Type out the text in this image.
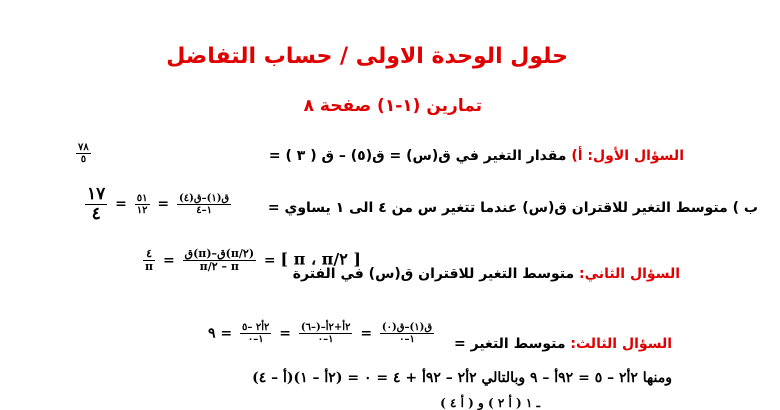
حلول الوحدة الاولى / حساب التفاضل
تمارين (١-١) صفحة ٨
السؤال الأول: أ) مقدار التغير في ق(س) = ق(٥) – ق ( ٣ ) =
$\frac{٧٨}{٥}$
ب ) متوسط التغير للاقتران ق(س) عندما تتغير س من ٤ الى ١ يساوي =
$\frac{١٧}{٤} = \frac{٥١}{١٢} = \frac{\text{ق(١)–ق(٤)}}{١-٤}$
السؤال الثاني: متوسط التغير للاقتران ق(س) في الفترة
$\frac{٤}{\pi} = \frac{\text{ق(π)–ق(π/٢)}}{\pi/٢ - \pi}$ = [ π ، π/٢ ]
السؤال الثالث: متوسط التغير =
٩ = $\frac{\text{٢أ٢ –٥}}{١-٠} = \frac{\text{٢أ+٢أ–(–٦)}}{١-٠} = \frac{\text{ق(١)–ق(٠)}}{١-٠}$
ومنها ٢أ٢ – ٥ = ٩٢أ – ٩ وبالتالي ٢أ٢ – ٩٢أ + ٤ = ٠ = (٢أ – ١)(أ – ٤)
ـ ١ ( أ ٢ ) و ( أ ٤ )
